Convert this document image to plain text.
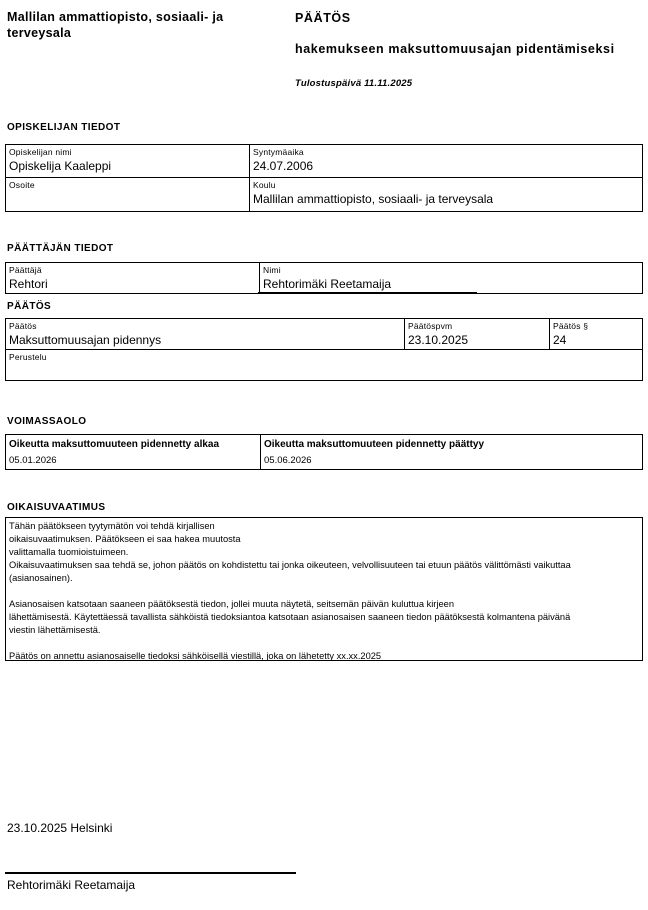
Mallilan ammattiopisto, sosiaali- ja
terveysala
PÄÄTÖS
hakemukseen maksuttomuusajan pidentämiseksi
Tulostuspäivä 11.11.2025
OPISKELIJAN TIEDOT
Opiskelijan nimi
Opiskelija Kaaleppi
Syntymäaika
24.07.2006
Osoite	Koulu
Mallilan ammattiopisto, sosiaali- ja terveysala
PÄÄTTÄJÄN TIEDOT
Päättäjä
Rehtori
Nimi
Rehtorimäki Reetamaija
PÄÄTÖS
Päätös
Maksuttomuusajan pidennys
Päätöspvm
23.10.2025
Päätös §
24
Perustelu
VOIMASSAOLO
Oikeutta maksuttomuuteen pidennetty alkaa
05.01.2026
Oikeutta maksuttomuuteen pidennetty päättyy
05.06.2026
OIKAISUVAATIMUS
Tähän päätökseen tyytymätön voi tehdä kirjallisen
oikaisuvaatimuksen. Päätökseen ei saa hakea muutosta
valittamalla tuomioistuimeen.
Oikaisuvaatimuksen saa tehdä se, johon päätös on kohdistettu tai jonka oikeuteen, velvollisuuteen tai etuun päätös välittömästi vaikuttaa
(asianosainen).
Asianosaisen katsotaan saaneen päätöksestä tiedon, jollei muuta näytetä, seitsemän päivän kuluttua kirjeen
lähettämisestä. Käytettäessä tavallista sähköistä tiedoksiantoa katsotaan asianosaisen saaneen tiedon päätöksestä kolmantena päivänä
viestin lähettämisestä.
Päätös on annettu asianosaiselle tiedoksi sähköisellä viestillä, joka on lähetetty xx.xx.2025
23.10.2025 Helsinki
Rehtorimäki Reetamaija
